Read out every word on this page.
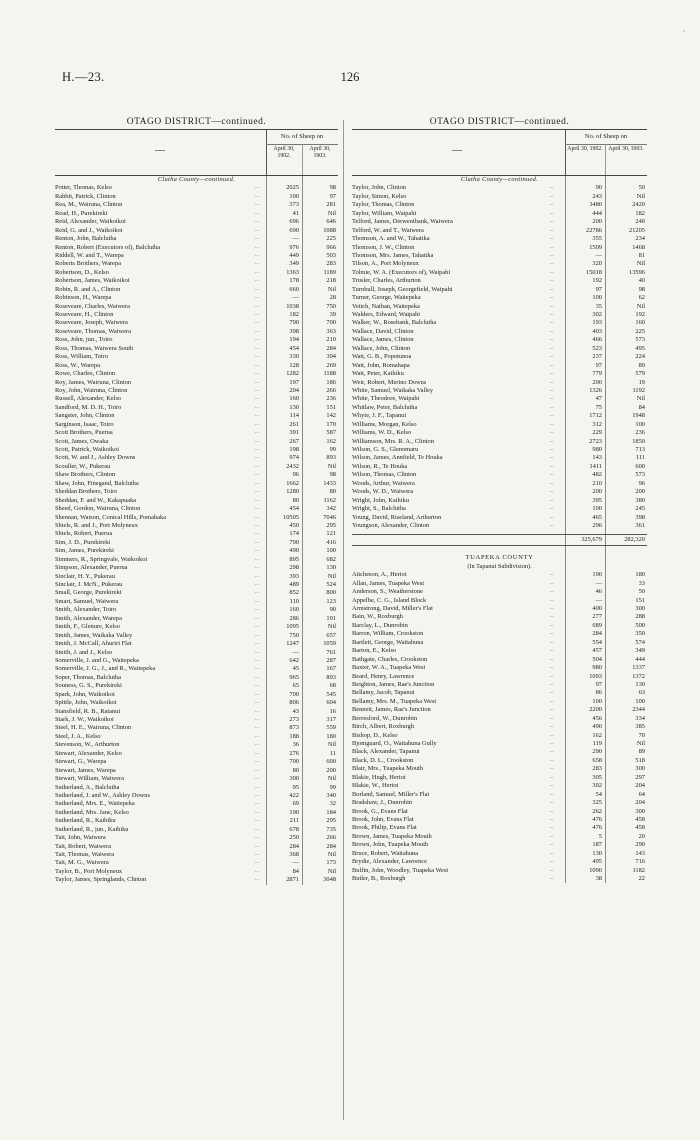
H.—23.	126
`
OTAGO DISTRICT—continued.
—
No. of Sheep on
April 30, 1902.
April 30, 1903.
Clutha County—continued.
Potter, Thomas, Kelso	...	2025	98
Rabbit, Patrick, Clinton	...	100	97
Rea, M., Wairuna, Clinton	...	373	281
Read, H., Purekireki	...	41	Nil
Reid, Alexander, Waikoikoi	...	696	646
Reid, G. and J., Waikoikoi	...	690	1088
Renton, John, Balclutha	...	—	225
Renton, Robert (Executors of), Balclutha	...	976	966
Riddell, W. and T., Warepa	...	449	503
Roberts Brothers, Warepa	...	349	283
Robertson, D., Kelso	...	1363	1189
Robertson, James, Waikoikoi	...	178	218
Robin, R. and A., Clinton	...	660	Nil
Robinson, H., Warepa	...	—	28
Roseveare, Charles, Waiwera	...	1038	750
Roseveare, H., Clinton	...	182	39
Roseveare, Joseph, Waiwera	...	790	700
Roseveare, Thomas, Waiwera	...	398	363
Ross, John, jun., Toiro	...	194	210
Ross, Thomas, Waiwera South	...	454	284
Ross, William, Toiro	...	330	304
Ross, W., Warepa	...	128	269
Rowe, Charles, Clinton	...	1282	1188
Roy, James, Wairuna, Clinton	...	197	186
Roy, John, Wairuna, Clinton	...	204	266
Russell, Alexander, Kelso	...	160	236
Sandford, M. D. H., Toiro	...	130	151
Sangster, John, Clinton	...	114	142
Sarginson, Isaac, Toiro	...	261	170
Scott Brothers, Puerua	...	391	587
Scott, James, Owaka	...	267	162
Scott, Patrick, Waikoikoi	...	198	99
Scott, W. and J., Ashley Downs	...	974	893
Scouller, W., Pukerau	...	2432	Nil
Shaw Brothers, Clinton	...	96	98
Shaw, John, Finegand, Balclutha	...	1662	1433
Sheddan Brothers, Toiro	...	1280	80
Sheddan, F. and W., Kakapuaka	...	80	1162
Sheed, Gordon, Wairuna, Clinton	...	454	342
Shennan, Watson, Conical Hills, Pomahaka	...	10505	7046
Shiels, R. and J., Port Molyneux	...	450	295
Shiels, Robert, Puerua	...	174	121
Sim, J. D., Purekireki	...	790	416
Sim, James, Purekireki	...	490	100
Simmers, R., Springvale, Waikoikoi	...	895	682
Simpson, Alexander, Puerua	...	298	130
Sinclair, H. Y., Pukerau	...	393	Nil
Sinclair, J. McN., Pukerau	...	489	524
Small, George, Purekireki	...	852	800
Smart, Samuel, Waiwera	...	110	123
Smith, Alexander, Toiro	...	160	90
Smith, Alexander, Warepa	...	286	191
Smith, F., Glenure, Kelso	...	1095	Nil
Smith, James, Waikaka Valley	...	750	657
Smith, J. McCall, Ahuriri Flat	...	1247	1059
Smith, J. and J., Kelso	...	—	761
Somerville, J. and G., Waitepeka	...	642	287
Somerville, J. G., J., and R., Waitepeka	...	45	167
Soper, Thomas, Balclutha	...	965	893
Souness, G. S., Purekireki	...	65	68
Spark, John, Waikoikoi	...	700	545
Spittle, John, Waikoikoi	...	806	604
Stansfield, R. B., Ratanui	...	43	16
Stark, J. W., Waikoikoi	...	273	317
Steel, H. E., Wairuna, Clinton	...	873	559
Steel, J. A., Kelso	...	188	180
Stevenson, W., Arthurton	...	36	Nil
Stewart, Alexander, Kelso	...	276	11
Stewart, G., Warepa	...	700	600
Stewart, James, Warepa	...	80	200
Stewart, William, Waiwera	...	300	Nil
Sutherland, A., Balclutha	...	95	99
Sutherland, J. and W., Ashley Downs	...	422	340
Sutherland, Mrs. E., Waitepeka	...	69	32
Sutherland, Mrs. Jane, Kelso	...	190	184
Sutherland, R., Kaihiku	...	211	295
Sutherland, R., jun., Kaihiku	...	678	735
Tait, John, Waiwera	...	250	266
Tait, Robert, Waiwera	...	284	284
Tait, Thomas, Waiwera	...	368	Nil
Tait, M. G., Waiwera	...	—	173
Taylor, B., Port Molyneux	...	84	Nil
Taylor, James, Springlands, Clinton	...	2871	3048
OTAGO DISTRICT—continued.
—
No. of Sheep on
April 30, 1902. April 30, 1903.
Clutha County—continued.
Taylor, John, Clinton	...	90	50
Taylor, Simon, Kelso	...	243	Nil
Taylor, Thomas, Clinton	...	3480	2420
Taylor, William, Waipahi	...	444	182
Telford, James, Derwentbank, Waiwera	...	200	240
Telford, W. and T., Waiwera	...	22786	21205
Thomson, A. and W., Tahatika	...	355	234
Thomson, J. W., Clinton	...	1509	1468
Thomson, Mrs. James, Tahatika	...	—	81
Tilson, A., Port Molyneux	...	320	Nil
Tolmie, W. A. (Executors of), Waipahi	...	15018	13596
Trusler, Charles, Arthurton	...	192	40
Turnbull, Joseph, Georgefield, Waipahi	...	97	98
Turner, George, Waitepeka	...	100	62
Veitch, Nathan, Waitepeka	...	35	Nil
Walders, Edward, Waipahi	...	302	192
Walker, W., Rosebank, Balclutha	...	193	160
Wallace, David, Clinton	...	403	225
Wallace, James, Clinton	...	466	573
Wallace, John, Clinton	...	523	495
Watt, G. B., Popotunoa	...	237	224
Watt, John, Romahapa	...	97	89
Watt, Peter, Kaihiku	...	779	579
Weir, Robert, Merino Downs	...	200	19
White, Samuel, Waikaka Valley	...	1326	1192
White, Theodore, Waipahi	...	47	Nil
Whitlaw, Peter, Balclutha	...	75	84
Whyte, J. F., Tapanui	...	1712	1948
Williams, Morgan, Kelso	...	312	100
Williams, W. D., Kelso	...	229	236
Williamson, Mrs. R. A., Clinton	...	2723	1850
Wilson, G. S., Glenomaru	...	980	713
Wilson, James, Annfield, Te Houka	...	143	111
Wilson, R., Te Houka	...	1411	600
Wilson, Thomas, Clinton	...	482	573
Woods, Arthur, Waiwera	...	210	96
Woods, W. D., Waiwera	...	200	200
Wright, John, Kaihiku	...	395	380
Wright, S., Balclutha	...	100	245
Young, David, Riseland, Arthurton	...	465	398
Youngson, Alexander, Clinton	...	296	361
325,679	282,320
TUAPEKA COUNTY
(In Tapanui Subdivision).
Aitcheson, A., Heriot	...	190	180
Allan, James, Tuapeka West	...	—	33
Anderson, S., Weatherstone	...	46	50
Appelbe, C. G., Island Block	...	—	151
Armstrong, David, Miller's Flat	...	400	300
Bain, W., Roxburgh	...	277	288
Barclay, L., Dunrobin	...	689	500
Barron, William, Crookston	...	284	350
Bartlett, George, Waitahuna	...	554	574
Barton, E., Kelso	...	457	349
Bathgate, Charles, Crookston	...	504	444
Baxter, W. A., Tuapeka West	...	980	1337
Beard, Henry, Lawrence	...	1093	1372
Beighton, James, Rae's Junction	...	97	130
Bellamy, Jacob, Tapanui	...	86	63
Bellamy, Mrs. M., Tuapeka West	...	100	100
Bennett, James, Rae's Junction	...	2200	2344
Berresford, W., Dunrobin	...	456	334
Birch, Albert, Roxburgh	...	490	385
Bishop, D., Kelso	...	162	70
Bjomguard, O., Waitahuna Gully	...	119	Nil
Black, Alexander, Tapanui	...	290	89
Black, D. L., Crookston	...	658	518
Blair, Mrs., Tuapeka Mouth	...	283	300
Blakie, Hugh, Heriot	...	305	297
Blakie, W., Heriot	...	302	204
Borland, Samuel, Miller's Flat	...	54	64
Bradshaw, J., Dunrobin	...	325	204
Brook, G., Evans Flat	...	262	300
Brook, John, Evans Flat	...	476	458
Brook, Philip, Evans Flat	...	476	458
Brown, James, Tuapeka Mouth	...	5	20
Brown, John, Tuapeka Mouth	...	187	290
Bruce, Robert, Waitahuna	...	130	143
Brydie, Alexander, Lawrence	...	495	716
Bulfin, John, Woodley, Tuapeka West	...	1090	1182
Butler, B., Roxburgh	...	38	22
